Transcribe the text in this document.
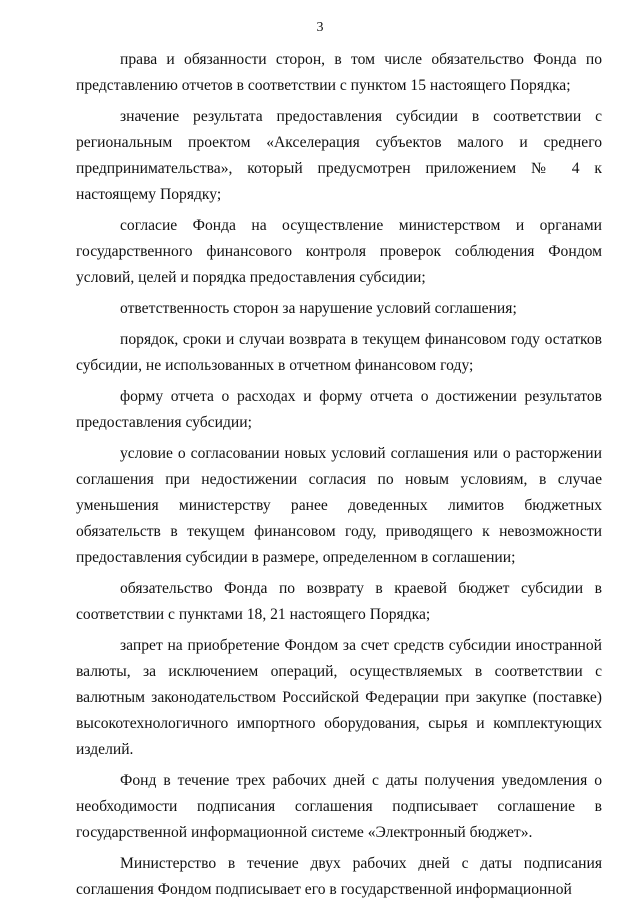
3

права и обязанности сторон, в том числе обязательство Фонда по представлению отчетов в соответствии с пунктом 15 настоящего Порядка;

значение результата предоставления субсидии в соответствии с региональным проектом «Акселерация субъектов малого и среднего предпринимательства», который предусмотрен приложением № 4 к настоящему Порядку;

согласие Фонда на осуществление министерством и органами государственного финансового контроля проверок соблюдения Фондом условий, целей и порядка предоставления субсидии;

ответственность сторон за нарушение условий соглашения;

порядок, сроки и случаи возврата в текущем финансовом году остатков субсидии, не использованных в отчетном финансовом году;

форму отчета о расходах и форму отчета о достижении результатов предоставления субсидии;

условие о согласовании новых условий соглашения или о расторжении соглашения при недостижении согласия по новым условиям, в случае уменьшения министерству ранее доведенных лимитов бюджетных обязательств в текущем финансовом году, приводящего к невозможности предоставления субсидии в размере, определенном в соглашении;

обязательство Фонда по возврату в краевой бюджет субсидии в соответствии с пунктами 18, 21 настоящего Порядка;

запрет на приобретение Фондом за счет средств субсидии иностранной валюты, за исключением операций, осуществляемых в соответствии с валютным законодательством Российской Федерации при закупке (поставке) высокотехнологичного импортного оборудования, сырья и комплектующих изделий.

Фонд в течение трех рабочих дней с даты получения уведомления о необходимости подписания соглашения подписывает соглашение в государственной информационной системе «Электронный бюджет».

Министерство в течение двух рабочих дней с даты подписания соглашения Фондом подписывает его в государственной информационной
